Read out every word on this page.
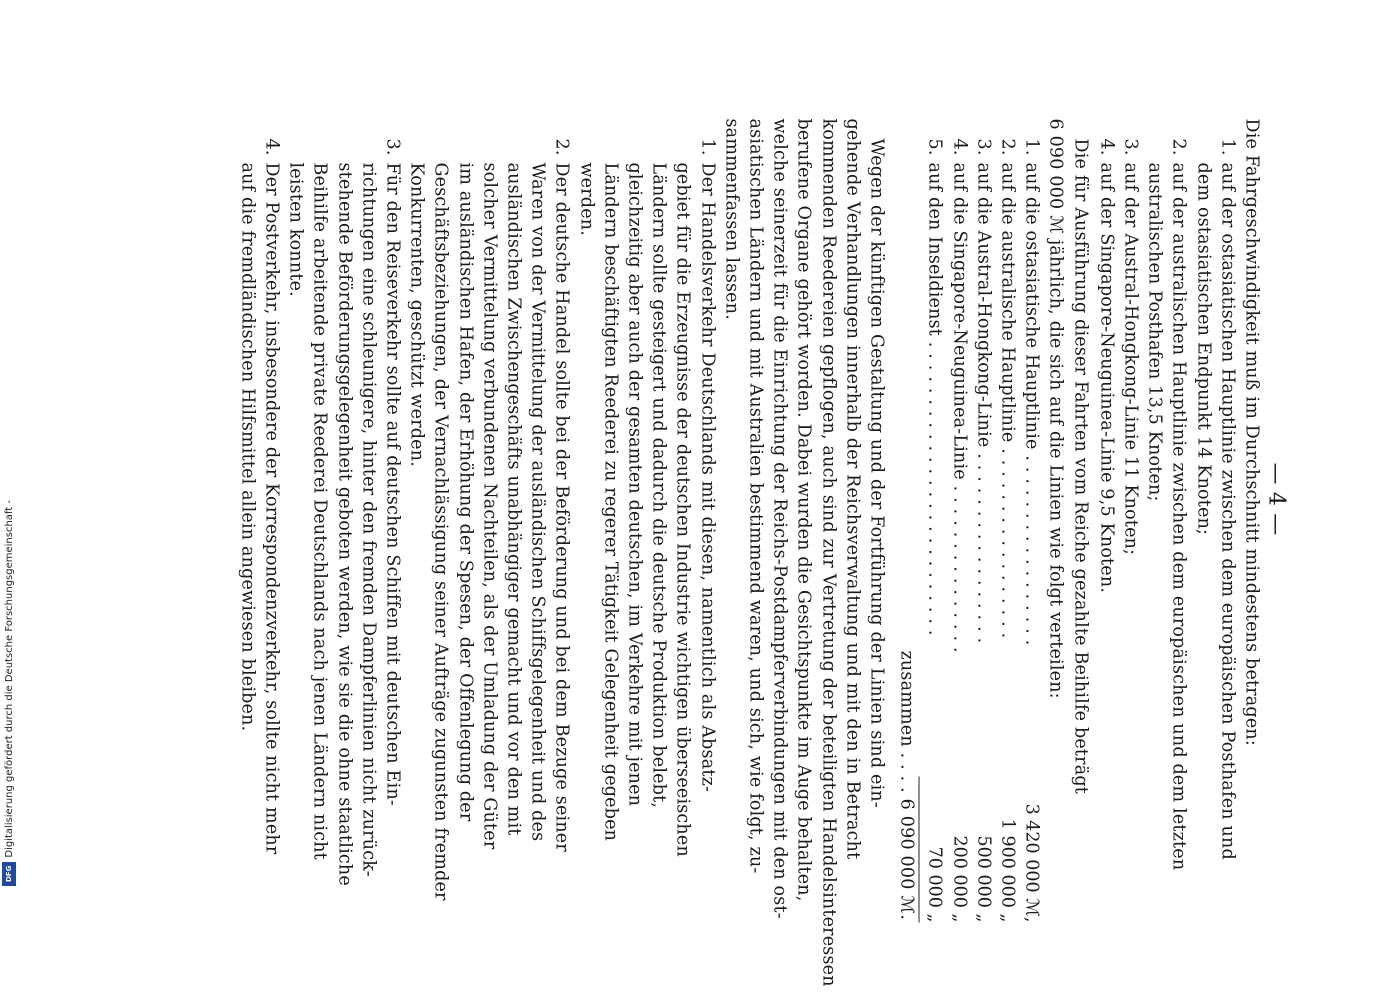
— 4 —
Die Fahrgeschwindigkeit muß im Durchschnitt mindestens betragen:
1.
auf der ostasiatischen Hauptlinie zwischen dem europäischen Posthafen und
dem ostasiatischen Endpunkt 14 Knoten;
2.
auf der australischen Hauptlinie zwischen dem europäischen und dem letzten
australischen Posthafen 13,5 Knoten;
3.
auf der Austral-Hongkong-Linie 11 Knoten;
4.
auf der Singapore-Neuguinea-Linie 9,5 Knoten.
Die für Ausführung dieser Fahrten vom Reiche gezahlte Beihilfe beträgt
6 090 000 ℳ jährlich, die sich auf die Linien wie folgt verteilen:
1.
auf die ostasiatische Hauptlinie . . . . . . . . . . . . . . . . .
3 420 000 ℳ,
2.
auf die australische Hauptlinie . . . . . . . . . . . . . . . . .
1 900 000 „
3.
auf die Austral-Hongkong-Linie . . . . . . . . . . . . . . . . .
500 000 „
4.
auf die Singapore-Neuguinea-Linie . . . . . . . . . . . . . . .
200 000 „
5.
auf den Inseldienst . . . . . . . . . . . . . . . . . . . . . . . . . .
70 000 „
zusammen . . . . 6 090 000 ℳ.
Wegen der künftigen Gestaltung und der Fortführung der Linien sind ein-
gehende Verhandlungen innerhalb der Reichsverwaltung und mit den in Betracht
kommenden Reedereien gepflogen, auch sind zur Vertretung der beteiligten Handelsinteressen
berufene Organe gehört worden. Dabei wurden die Gesichtspunkte im Auge behalten,
welche seinerzeit für die Einrichtung der Reichs-Postdampferverbindungen mit den ost-
asiatischen Ländern und mit Australien bestimmend waren, und sich, wie folgt, zu-
sammenfassen lassen.
1.
Der Handelsverkehr Deutschlands mit diesen, namentlich als Absatz-
gebiet für die Erzeugnisse der deutschen Industrie wichtigen überseeischen
Ländern sollte gesteigert und dadurch die deutsche Produktion belebt,
gleichzeitig aber auch der gesamten deutschen, im Verkehre mit jenen
Ländern beschäftigten Reederei zu regerer Tätigkeit Gelegenheit gegeben
werden.
2.
Der deutsche Handel sollte bei der Beförderung und bei dem Bezuge seiner
Waren von der Vermittelung der ausländischen Schiffsgelegenheit und des
ausländischen Zwischengeschäfts unabhängiger gemacht und vor den mit
solcher Vermittelung verbundenen Nachteilen, als der Umladung der Güter
im ausländischen Hafen, der Erhöhung der Spesen, der Offenlegung der
Geschäftsbeziehungen, der Vernachlässigung seiner Aufträge zugunsten fremder
Konkurrenten, geschützt werden.
3.
Für den Reiseverkehr sollte auf deutschen Schiffen mit deutschen Ein-
richtungen eine schleunigere, hinter den fremden Dampferlinien nicht zurück-
stehende Beförderungsgelegenheit geboten werden, wie sie die ohne staatliche
Beihilfe arbeitende private Reederei Deutschlands nach jenen Ländern nicht
leisten konnte.
4.
Der Postverkehr, insbesondere der Korrespondenzverkehr, sollte nicht mehr
auf die fremdländischen Hilfsmittel allein angewiesen bleiben.
Digitalisierung gefördert durch die Deutsche Forschungsgemeinschaft -
DFG
